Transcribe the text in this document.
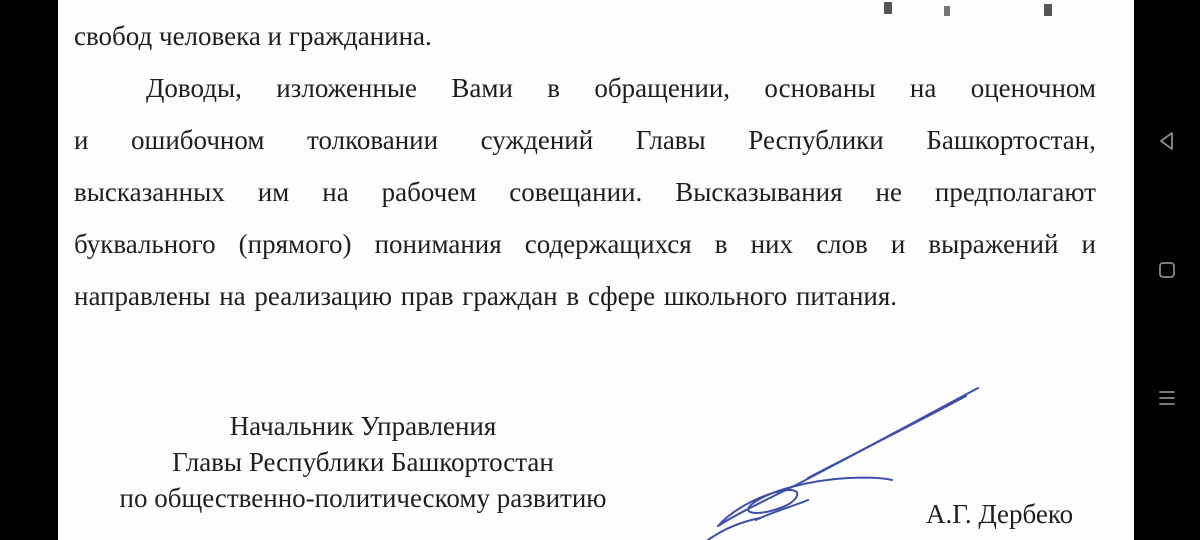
свобод человека и гражданина.
Доводы, изложенные Вами в обращении, основаны на оценочном
и ошибочном толковании суждений Главы Республики Башкортостан,
высказанных им на рабочем совещании. Высказывания не предполагают
буквального (прямого) понимания содержащихся в них слов и выражений и
направлены на реализацию прав граждан в сфере школьного питания.
Начальник Управления
Главы Республики Башкортостан
по общественно-политическому развитию
А.Г. Дербеко
